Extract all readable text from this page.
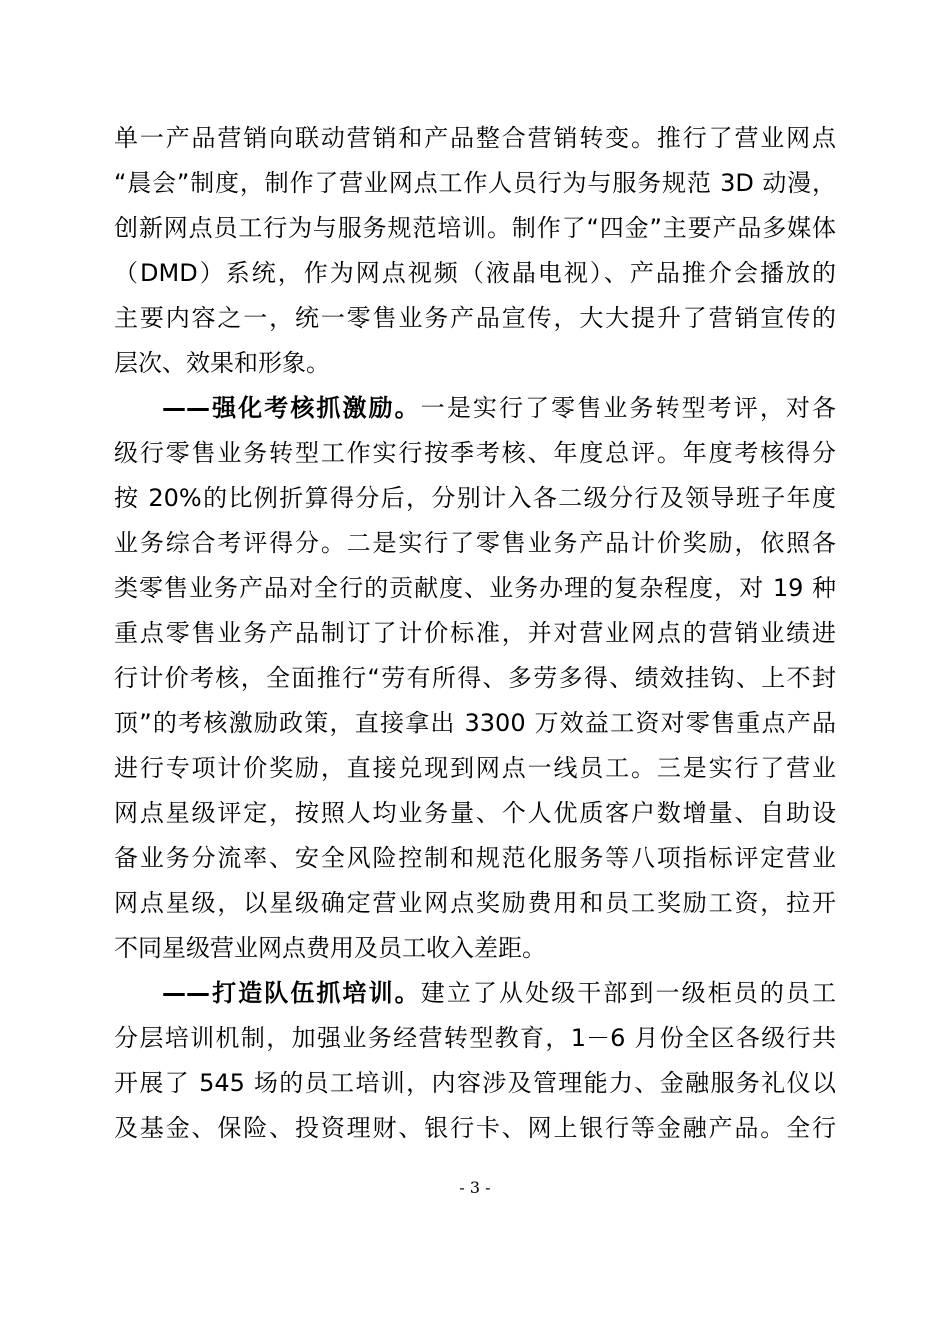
单一产品营销向联动营销和产品整合营销转变。推行了营业网点
“晨会”制度，制作了营业网点工作人员行为与服务规范 3D 动漫，
创新网点员工行为与服务规范培训。制作了“四金”主要产品多媒体
（DMD）系统，作为网点视频（液晶电视）、产品推介会播放的
主要内容之一，统一零售业务产品宣传，大大提升了营销宣传的
层次、效果和形象。
——强化考核抓激励。一是实行了零售业务转型考评，对各
级行零售业务转型工作实行按季考核、年度总评。年度考核得分
按 20%的比例折算得分后，分别计入各二级分行及领导班子年度
业务综合考评得分。二是实行了零售业务产品计价奖励，依照各
类零售业务产品对全行的贡献度、业务办理的复杂程度，对 19 种
重点零售业务产品制订了计价标准，并对营业网点的营销业绩进
行计价考核，全面推行“劳有所得、多劳多得、绩效挂钩、上不封
顶”的考核激励政策，直接拿出 3300 万效益工资对零售重点产品
进行专项计价奖励，直接兑现到网点一线员工。三是实行了营业
网点星级评定，按照人均业务量、个人优质客户数增量、自助设
备业务分流率、安全风险控制和规范化服务等八项指标评定营业
网点星级，以星级确定营业网点奖励费用和员工奖励工资，拉开
不同星级营业网点费用及员工收入差距。
——打造队伍抓培训。建立了从处级干部到一级柜员的员工
分层培训机制，加强业务经营转型教育，1－6 月份全区各级行共
开展了 545 场的员工培训，内容涉及管理能力、金融服务礼仪以
及基金、保险、投资理财、银行卡、网上银行等金融产品。全行
- 3 -
